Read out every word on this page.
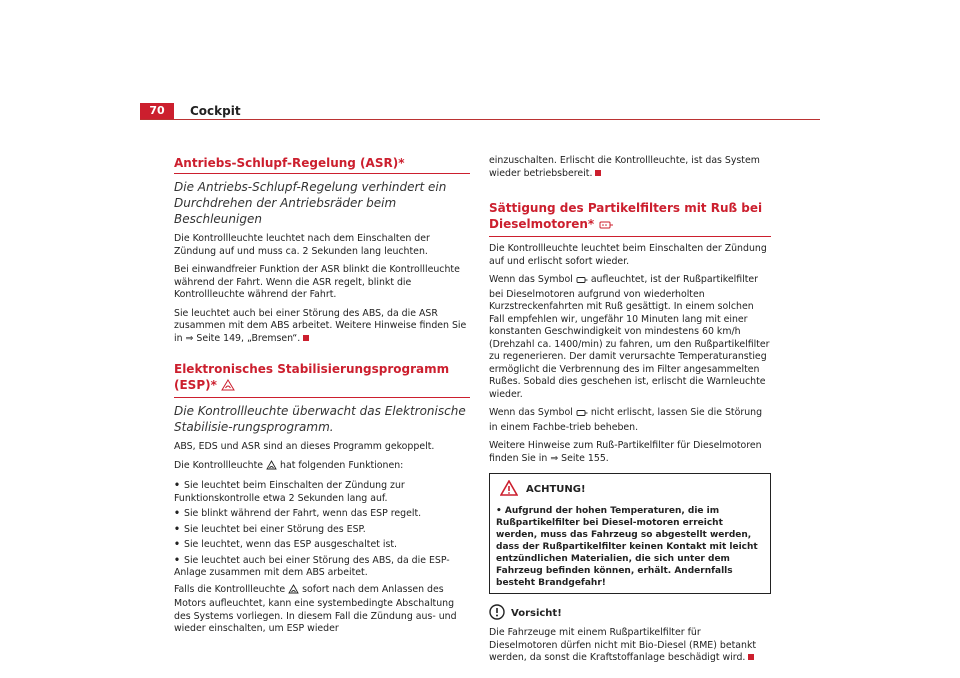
70	Cockpit
Antriebs-Schlupf-Regelung (ASR)*
Die Antriebs-Schlupf-Regelung verhindert ein Durchdrehen der Antriebsräder beim Beschleunigen

Die Kontrollleuchte leuchtet nach dem Einschalten der Zündung auf und muss ca. 2 Sekunden lang leuchten.

Bei einwandfreier Funktion der ASR blinkt die Kontrollleuchte während der Fahrt. Wenn die ASR regelt, blinkt die Kontrollleuchte während der Fahrt.

Sie leuchtet auch bei einer Störung des ABS, da die ASR zusammen mit dem ABS arbeitet. Weitere Hinweise finden Sie in ⇒ Seite 149, „Bremsen“.

Elektronisches Stabilisierungsprogramm (ESP)*
Die Kontrollleuchte überwacht das Elektronische Stabilisie-rungsprogramm.

ABS, EDS und ASR sind an dieses Programm gekoppelt.

Die Kontrollleuchte hat folgenden Funktionen:

• Sie leuchtet beim Einschalten der Zündung zur Funktionskontrolle etwa 2 Sekunden lang auf.
• Sie blinkt während der Fahrt, wenn das ESP regelt.
• Sie leuchtet bei einer Störung des ESP.
• Sie leuchtet, wenn das ESP ausgeschaltet ist.
• Sie leuchtet auch bei einer Störung des ABS, da die ESP-Anlage zusammen mit dem ABS arbeitet.

Falls die Kontrollleuchte sofort nach dem Anlassen des Motors aufleuchtet, kann eine systembedingte Abschaltung des Systems vorliegen. In diesem Fall die Zündung aus- und wieder einschalten, um ESP wieder

einzuschalten. Erlischt die Kontrollleuchte, ist das System wieder betriebsbereit.

Sättigung des Partikelfilters mit Ruß bei Dieselmotoren*

Die Kontrollleuchte leuchtet beim Einschalten der Zündung auf und erlischt sofort wieder.

Wenn das Symbol aufleuchtet, ist der Rußpartikelfilter bei Dieselmotoren aufgrund von wiederholten Kurzstreckenfahrten mit Ruß gesättigt. In einem solchen Fall empfehlen wir, ungefähr 10 Minuten lang mit einer konstanten Geschwindigkeit von mindestens 60 km/h (Drehzahl ca. 1400/min) zu fahren, um den Rußpartikelfilter zu regenerieren. Der damit verursachte Temperaturanstieg ermöglicht die Verbrennung des im Filter angesammelten Rußes. Sobald dies geschehen ist, erlischt die Warnleuchte wieder.

Wenn das Symbol nicht erlischt, lassen Sie die Störung in einem Fachbe-trieb beheben.

Weitere Hinweise zum Ruß-Partikelfilter für Dieselmotoren finden Sie in ⇒ Seite 155.

ACHTUNG!
• Aufgrund der hohen Temperaturen, die im Rußpartikelfilter bei Diesel-motoren erreicht werden, muss das Fahrzeug so abgestellt werden, dass der Rußpartikelfilter keinen Kontakt mit leicht entzündlichen Materialien, die sich unter dem Fahrzeug befinden können, erhält. Andernfalls besteht Brandgefahr!
Vorsicht!

Die Fahrzeuge mit einem Rußpartikelfilter für Dieselmotoren dürfen nicht mit Bio-Diesel (RME) betankt werden, da sonst die Kraftstoffanlage beschädigt wird.
